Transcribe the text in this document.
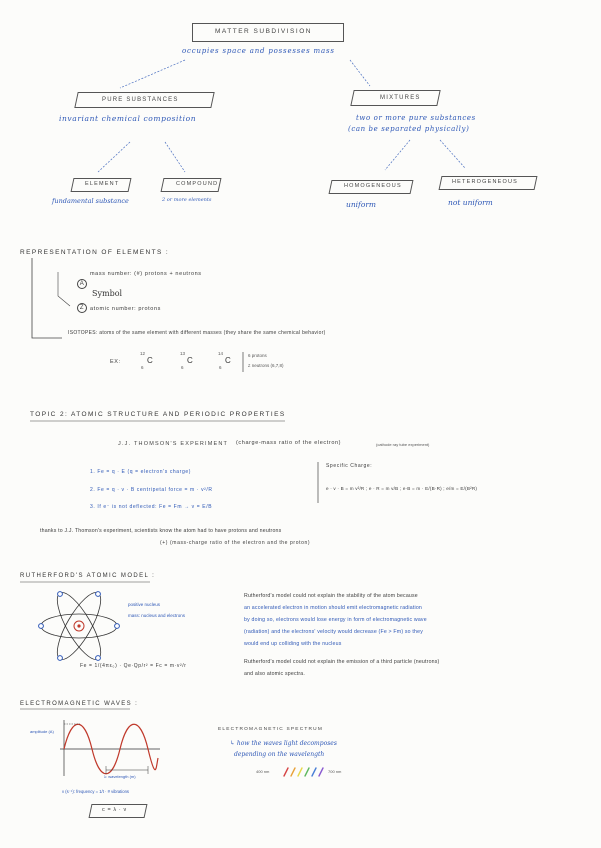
MATTER SUBDIVISION
occupies space and possesses mass
PURE SUBSTANCES
invariant chemical composition
MIXTURES
two or more pure substances
(can be separated physically)
ELEMENT
fundamental substance
COMPOUND
2 or more elements
HOMOGENEOUS
uniform
HETEROGENEOUS
not uniform
REPRESENTATION OF ELEMENTS :
A
mass number: (#) protons + neutrons
Symbol
Z	atomic number: protons
ISOTOPES: atoms of the same element with different masses (they share the same chemical behavior)
EX:
12
C
6
13
C
6
14
C
6
6 protons
≠ neutrons (6,7,8)
TOPIC 2: ATOMIC STRUCTURE AND PERIODIC PROPERTIES
J.J. THOMSON'S EXPERIMENT (charge-mass ratio of the electron)	(cathode ray tube experiment)
1. Fe = q · E (q = electron's charge)
2. Fe = q · v · B centripetal force = m · v²/R
3. If e⁻ is not deflected: Fe = Fm → v = E/B
Specific Charge:
e · v · B = m v²/R ; e · R = m v/B ; e·B = m · E/(B·R) ; e/m = E/(B²R)
thanks to J.J. Thomson's experiment, scientists know the atom had to have protons and neutrons
(+) (mass-charge ratio of the electron and the proton)
RUTHERFORD'S ATOMIC MODEL :
positive nucleus
mass: nucleus and electrons
Rutherford's model could not explain the stability of the atom because
an accelerated electron in motion should emit electromagnetic radiation
by doing so, electrons would lose energy in form of electromagnetic wave
(radiation) and the electrons' velocity would decrease (Fe > Fm) so they
would end up colliding with the nucleus
Fe = 1/(4πε₀) · Qe·Qp/r² = Fc = m·v²/r
Rutherford's model could not explain the emission of a third particle (neutrons)
and also atomic spectra.
ELECTROMAGNETIC WAVES :
amplitude (A)
λ: wavelength (m)
ν (s⁻¹): frequency = 1/t · # vibrations
c = λ · ν
ELECTROMAGNETIC SPECTRUM
↳ how the waves light decomposes
depending on the wavelength
400 nm	700 nm
